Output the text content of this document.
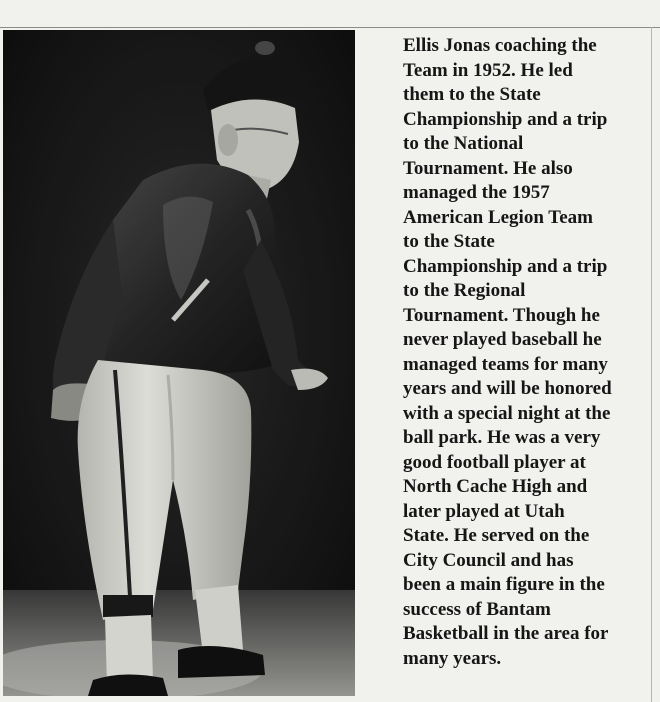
Ellis Jonas coaching the
Team in 1952. He led
them to the State
Championship and a trip
to the National
Tournament. He also
managed the 1957
American Legion Team
to the State
Championship and a trip
to the Regional
Tournament. Though he
never played baseball he
managed teams for many
years and will be honored
with a special night at the
ball park. He was a very
good football player at
North Cache High and
later played at Utah
State. He served on the
City Council and has
been a main figure in the
success of Bantam
Basketball in the area for
many years.
